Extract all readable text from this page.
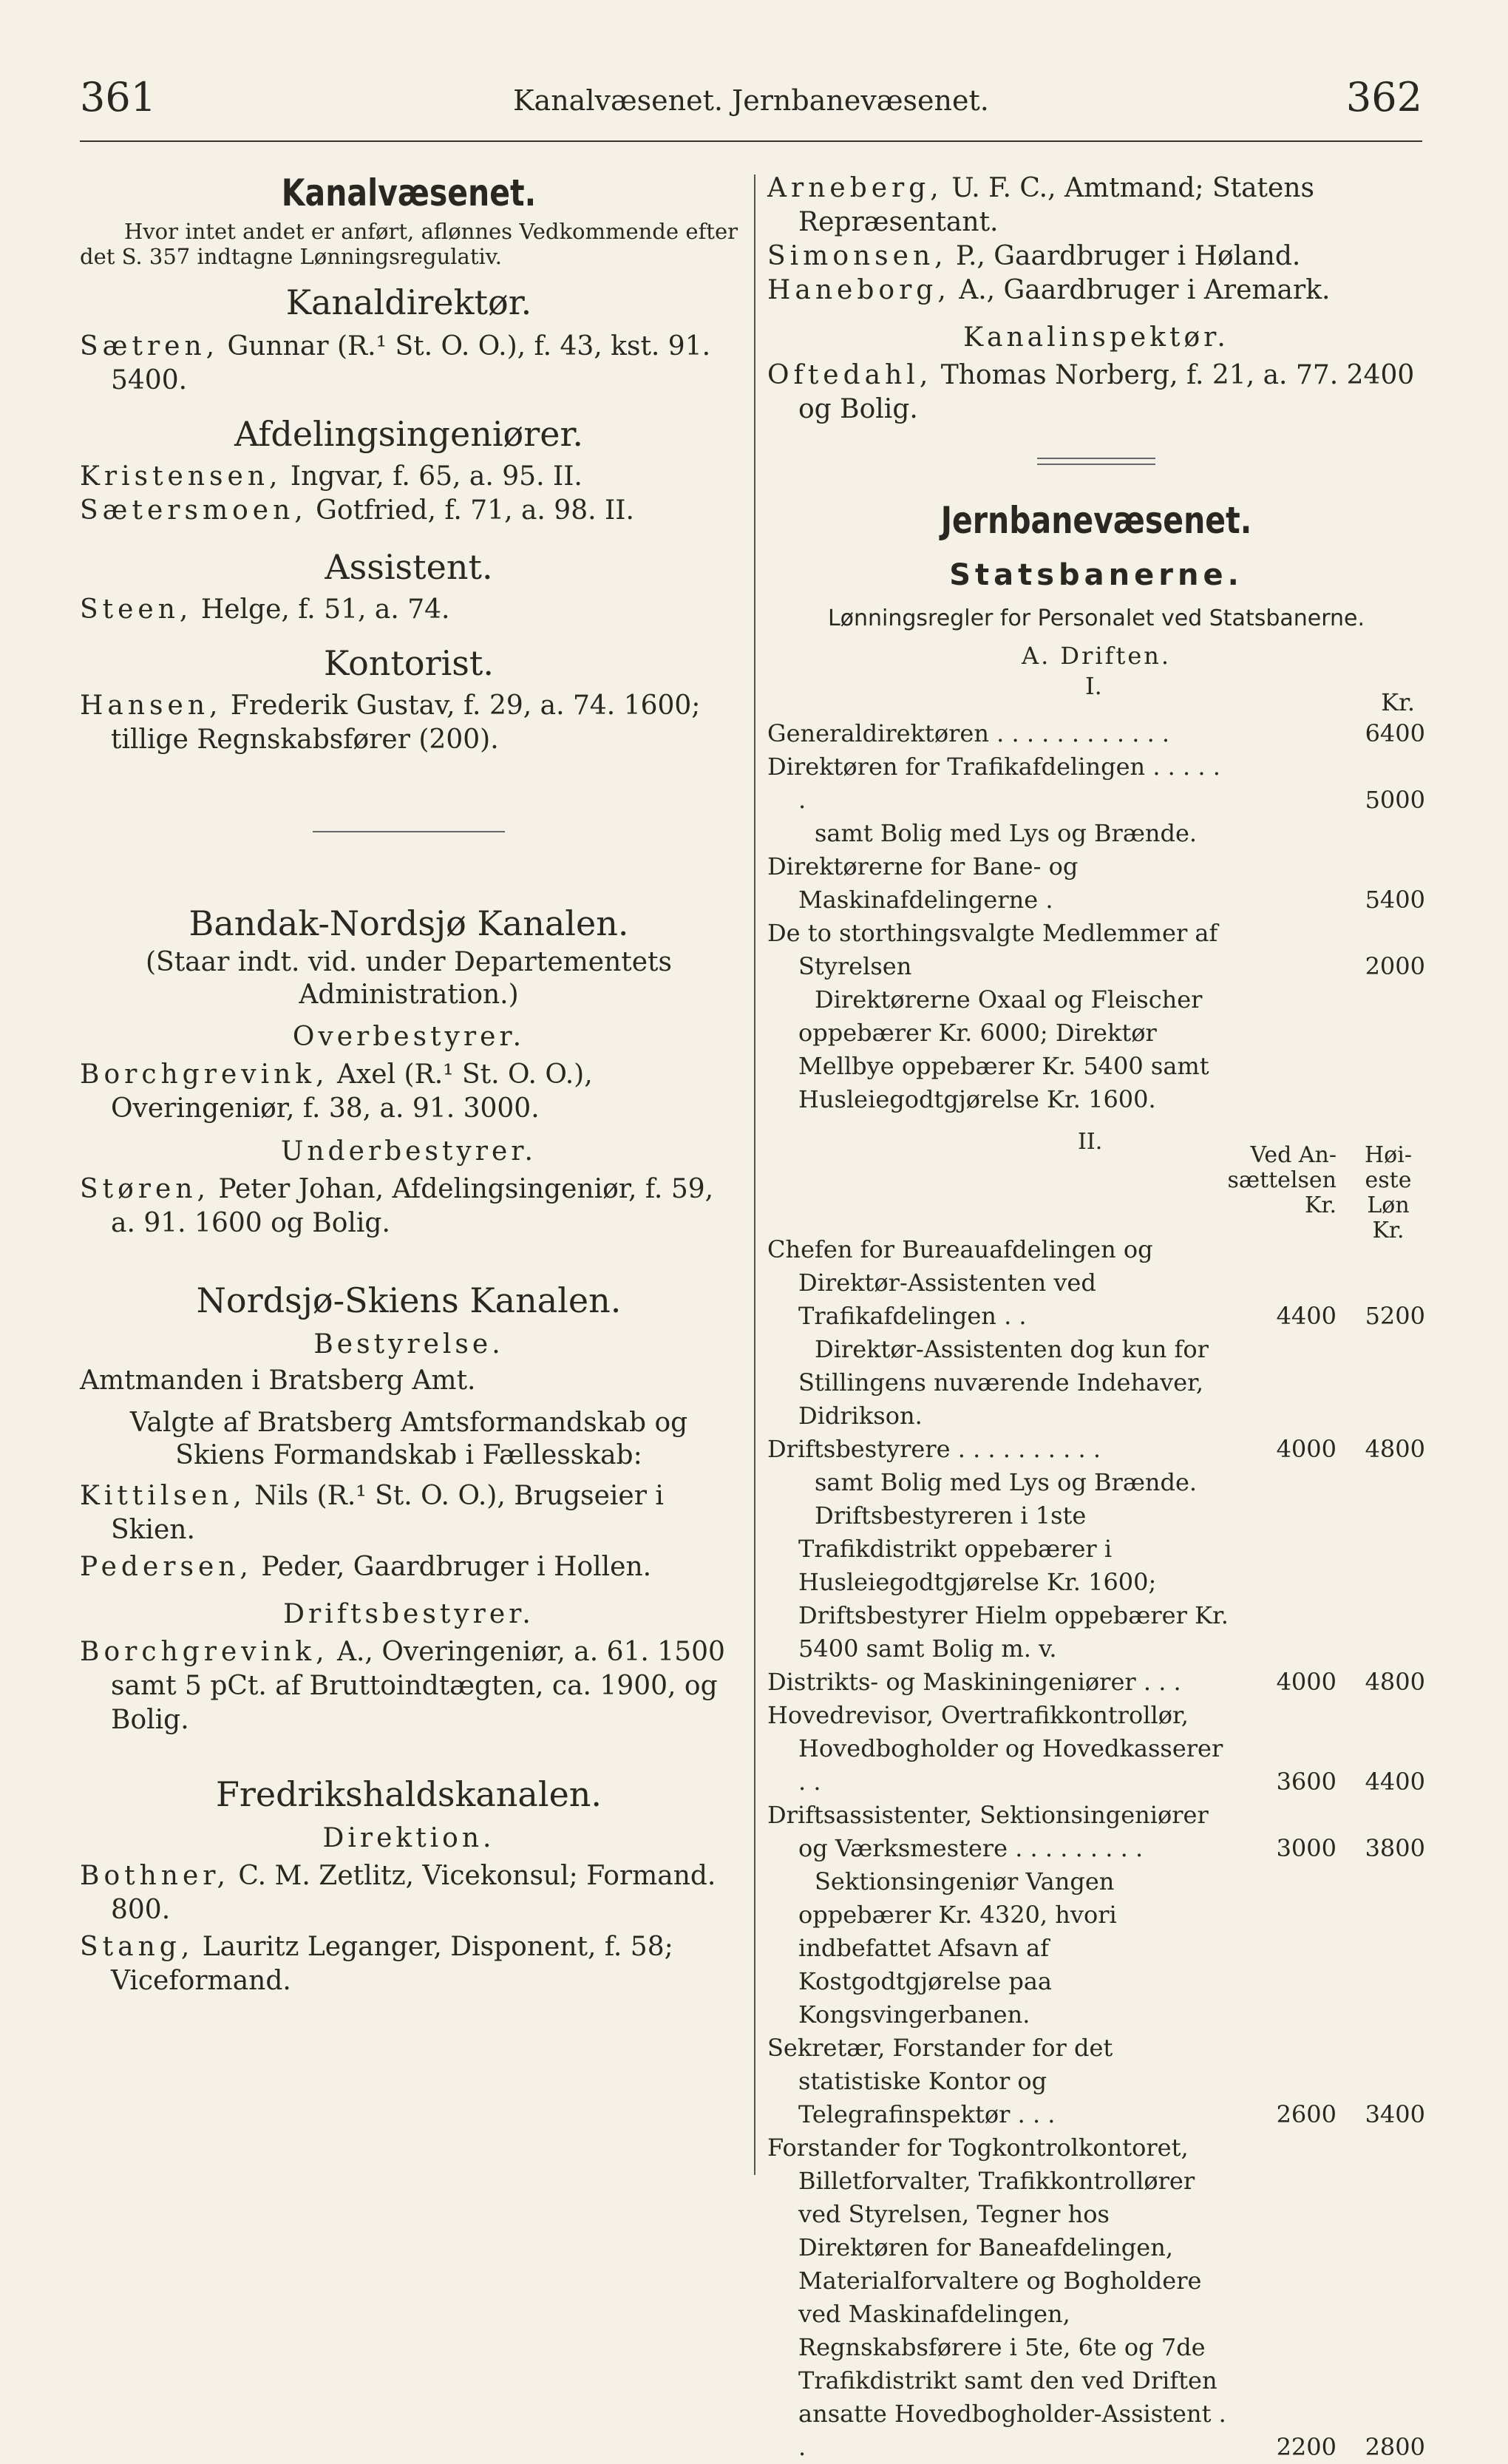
361	Kanalvæsenet. Jernbanevæsenet.	362
Kanalvæsenet.
Hvor intet andet er anført, aflønnes Vedkommende efter det S. 357 indtagne Lønningsregulativ.
Kanaldirektør.
Sætren, Gunnar (R.¹ St. O. O.), f. 43, kst. 91. 5400.
Afdelingsingeniører.
Kristensen, Ingvar, f. 65, a. 95. II.
Sætersmoen, Gotfried, f. 71, a. 98. II.
Assistent.
Steen, Helge, f. 51, a. 74.
Kontorist.
Hansen, Frederik Gustav, f. 29, a. 74. 1600; tillige Regnskabsfører (200).
Bandak-Nordsjø Kanalen.
(Staar indt. vid. under Departementets Administration.)
Overbestyrer.
Borchgrevink, Axel (R.¹ St. O. O.), Overingeniør, f. 38, a. 91. 3000.
Underbestyrer.
Støren, Peter Johan, Afdelingsingeniør, f. 59, a. 91. 1600 og Bolig.
Nordsjø-Skiens Kanalen.
Bestyrelse.
Amtmanden i Bratsberg Amt.
Valgte af Bratsberg Amtsformandskab og Skiens Formandskab i Fællesskab:
Kittilsen, Nils (R.¹ St. O. O.), Brugseier i Skien.
Pedersen, Peder, Gaardbruger i Hollen.
Driftsbestyrer.
Borchgrevink, A., Overingeniør, a. 61. 1500 samt 5 pCt. af Bruttoindtægten, ca. 1900, og Bolig.
Fredrikshaldskanalen.
Direktion.
Bothner, C. M. Zetlitz, Vicekonsul; Formand. 800.
Stang, Lauritz Leganger, Disponent, f. 58; Viceformand.
Arneberg, U. F. C., Amtmand; Statens Repræsentant.
Simonsen, P., Gaardbruger i Høland.
Haneborg, A., Gaardbruger i Aremark.
Kanalinspektør.
Oftedahl, Thomas Norberg, f. 21, a. 77. 2400 og Bolig.
Jernbanevæsenet.
Statsbanerne.
Lønningsregler for Personalet ved Statsbanerne.
A. Driften.
I.
Kr.
Generaldirektøren . . . . . . . . . . . .	6400
Direktøren for Trafikafdelingen . . . . . .	5000
samt Bolig med Lys og Brænde.
Direktørerne for Bane- og Maskinafdelingerne .	5400
De to storthingsvalgte Medlemmer af Styrelsen	2000
Direktørerne Oxaal og Fleischer oppebærer Kr. 6000; Direktør Mellbye oppebærer Kr. 5400 samt Husleiegodtgjørelse Kr. 1600.
II.
Ved An- sættelsen Kr.
Høi- este Løn Kr.
Chefen for Bureauafdelingen og Direktør-Assistenten ved Trafikafdelingen . .	4400	5200
Direktør-Assistenten dog kun for Stillingens nuværende Indehaver, Didrikson.
Driftsbestyrere . . . . . . . . . .	4000	4800
samt Bolig med Lys og Brænde.
Driftsbestyreren i 1ste Trafikdistrikt oppebærer i Husleiegodtgjørelse Kr. 1600; Driftsbestyrer Hielm oppebærer Kr. 5400 samt Bolig m. v.
Distrikts- og Maskiningeniører . . .	4000	4800
Hovedrevisor, Overtrafikkontrollør, Hovedbogholder og Hovedkasserer . .	3600	4400
Driftsassistenter, Sektionsingeniører og Værksmestere . . . . . . . . .	3000	3800
Sektionsingeniør Vangen oppebærer Kr. 4320, hvori indbefattet Afsavn af Kostgodtgjørelse paa Kongsvingerbanen.
Sekretær, Forstander for det statistiske Kontor og Telegrafinspektør . . .	2600	3400
Forstander for Togkontrolkontoret, Billetforvalter, Trafikkontrollører ved Styrelsen, Tegner hos Direktøren for Baneafdelingen, Materialforvaltere og Bogholdere ved Maskinafdelingen, Regnskabsførere i 5te, 6te og 7de Trafikdistrikt samt den ved Driften ansatte Hovedbogholder-Assistent . .	2200	2800
